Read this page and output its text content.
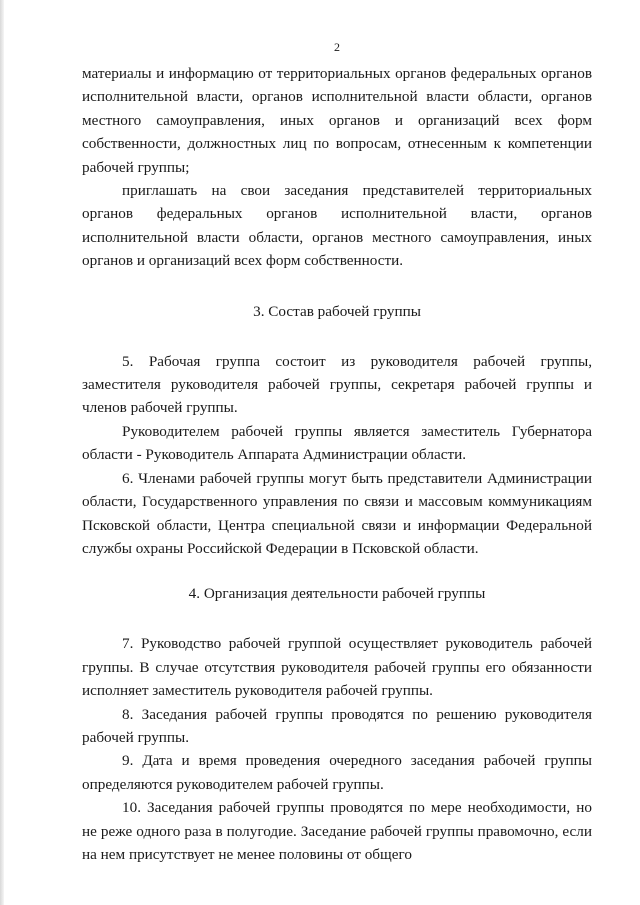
2

материалы и информацию от территориальных органов федеральных органов исполнительной власти, органов исполнительной власти области, органов местного самоуправления, иных органов и организаций всех форм собственности, должностных лиц по вопросам, отнесенным к компетенции рабочей группы;

приглашать на свои заседания представителей территориальных органов федеральных органов исполнительной власти, органов исполнительной власти области, органов местного самоуправления, иных органов и организаций всех форм собственности.

3. Состав рабочей группы

5. Рабочая группа состоит из руководителя рабочей группы, заместителя руководителя рабочей группы, секретаря рабочей группы и членов рабочей группы.

Руководителем рабочей группы является заместитель Губернатора области - Руководитель Аппарата Администрации области.

6. Членами рабочей группы могут быть представители Администрации области, Государственного управления по связи и массовым коммуникациям Псковской области, Центра специальной связи и информации Федеральной службы охраны Российской Федерации в Псковской области.

4. Организация деятельности рабочей группы

7. Руководство рабочей группой осуществляет руководитель рабочей группы. В случае отсутствия руководителя рабочей группы его обязанности исполняет заместитель руководителя рабочей группы.

8. Заседания рабочей группы проводятся по решению руководителя рабочей группы.

9. Дата и время проведения очередного заседания рабочей группы определяются руководителем рабочей группы.

10. Заседания рабочей группы проводятся по мере необходимости, но не реже одного раза в полугодие. Заседание рабочей группы правомочно, если на нем присутствует не менее половины от общего
